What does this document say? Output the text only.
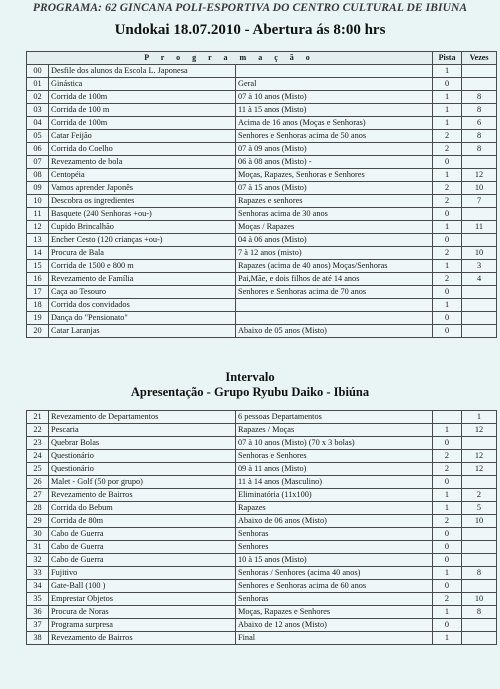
PROGRAMA: 62 GINCANA POLI-ESPORTIVA DO CENTRO CULTURAL DE IBIUNA
Undokai 18.07.2010 - Abertura ás 8:00 hrs
P r o g r a m a ç ã o			Pista	Vezes
00	Desfile dos alunos da Escola L. Japonesa		1	
01	Ginástica	Geral	0	
02	Corrida de 100m	07 à 10 anos (Misto)	1	8
03	Corrida de 100 m	11 à 15 anos (Misto)	1	8
04	Corrida de 100m	Acima de 16 anos (Moças e Senhoras)	1	6
05	Catar Feijão	Senhores e Senhoras acima de 50 anos	2	8
06	Corrida do Coelho	07 à 09 anos (Misto)	2	8
07	Revezamento de bola	06 à 08 anos (Misto) -	0	
08	Centopéia	Moças, Rapazes, Senhoras e Senhores	1	12
09	Vamos aprender Japonês	07 à 15 anos (Misto)	2	10
10	Descobra os ingredientes	Rapazes e senhores	2	7
11	Basquete (240 Senhoras +ou-)	Senhoras acima de 30 anos	0	
12	Cupido Brincalhão	Moças / Rapazes	1	11
13	Encher Cesto (120 crianças +ou-)	04 à 06 anos (Misto)	0	
14	Procura de Bala	7 à 12 anos (misto)	2	10
15	Corrida de 1500 e 800 m	Rapazes (acima de 40 anos) Moças/Senhoras	1	3
16	Revezamento de Família	Pai,Mãe, e dois filhos de até 14 anos	2	4
17	Caça ao Tesouro	Senhores e Senhoras acima de 70 anos	0	
18	Corrida dos convidados		1	
19	Dança do "Pensionato"		0	
20	Catar Laranjas	Abaixo de 05 anos (Misto)	0	
Intervalo
Apresentação - Grupo Ryubu Daiko - Ibiúna
21	Revezamento de Departamentos	6 pessoas Departamentos		1
22	Pescaria	Rapazes / Moças	1	12
23	Quebrar Bolas	07 à 10 anos (Misto) (70 x 3 bolas)	0	
24	Questionário	Senhoras e Senhores	2	12
25	Questionário	09 à 11 anos (Misto)	2	12
26	Malet - Golf (50 por grupo)	11 à 14 anos (Masculino)	0	
27	Revezamento de Bairros	Eliminatória (11x100)	1	2
28	Corrida do Bebum	Rapazes	1	5
29	Corrida de 80m	Abaixo de 06 anos (Misto)	2	10
30	Cabo de Guerra	Senhoras	0	
31	Cabo de Guerra	Senhores	0	
32	Cabo de Guerra	10 à 15 anos (Misto)	0	
33	Fujitivo	Senhoras / Senhores (acima 40 anos)	1	8
34	Gate-Ball (100 )	Senhores e Senhoras acima de 60 anos	0	
35	Emprestar Objetos	Senhoras	2	10
36	Procura de Noras	Moças, Rapazes e Senhores	1	8
37	Programa surpresa	Abaixo de 12 anos (Misto)	0	
38	Revezamento de Bairros	Final	1	
